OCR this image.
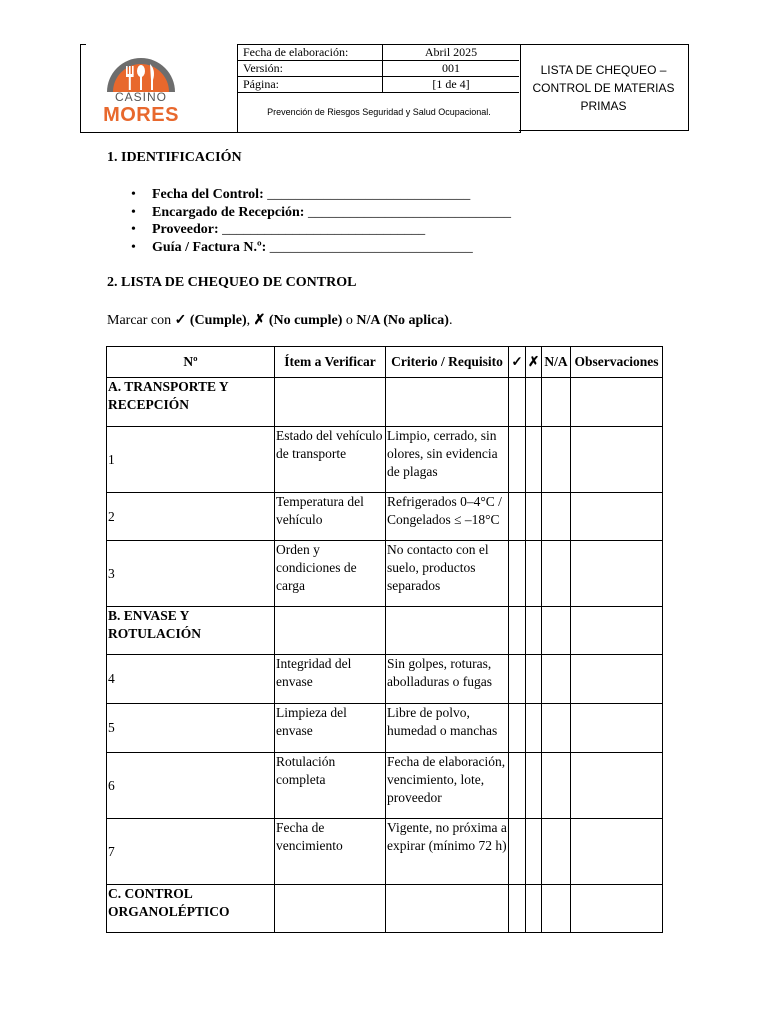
CASINO
MORES
Fecha de elaboración:	Abril 2025
Versión:	001
Página:	[1 de 4]
Prevención de Riesgos Seguridad y Salud Ocupacional.
LISTA DE CHEQUEO – CONTROL DE MATERIAS PRIMAS
1. IDENTIFICACIÓN
• Fecha del Control: _____________________________
• Encargado de Recepción: _____________________________
• Proveedor: _____________________________
• Guía / Factura N.º: _____________________________
2. LISTA DE CHEQUEO DE CONTROL
Marcar con ✓ (Cumple), ✗ (No cumple) o N/A (No aplica).
Nº	Ítem a Verificar	Criterio / Requisito	✓	✗	N/A	Observaciones
A. TRANSPORTE Y RECEPCIÓN						
1	Estado del vehículo de transporte	Limpio, cerrado, sin olores, sin evidencia de plagas				
2	Temperatura del vehículo	Refrigerados 0–4°C / Congelados ≤ –18°C				
3	Orden y condiciones de carga	No contacto con el suelo, productos separados				
B. ENVASE Y ROTULACIÓN						
4	Integridad del envase	Sin golpes, roturas, abolladuras o fugas				
5	Limpieza del envase	Libre de polvo, humedad o manchas				
6	Rotulación completa	Fecha de elaboración, vencimiento, lote, proveedor				
7	Fecha de vencimiento	Vigente, no próxima a expirar (mínimo 72 h)				
C. CONTROL ORGANOLÉPTICO						
